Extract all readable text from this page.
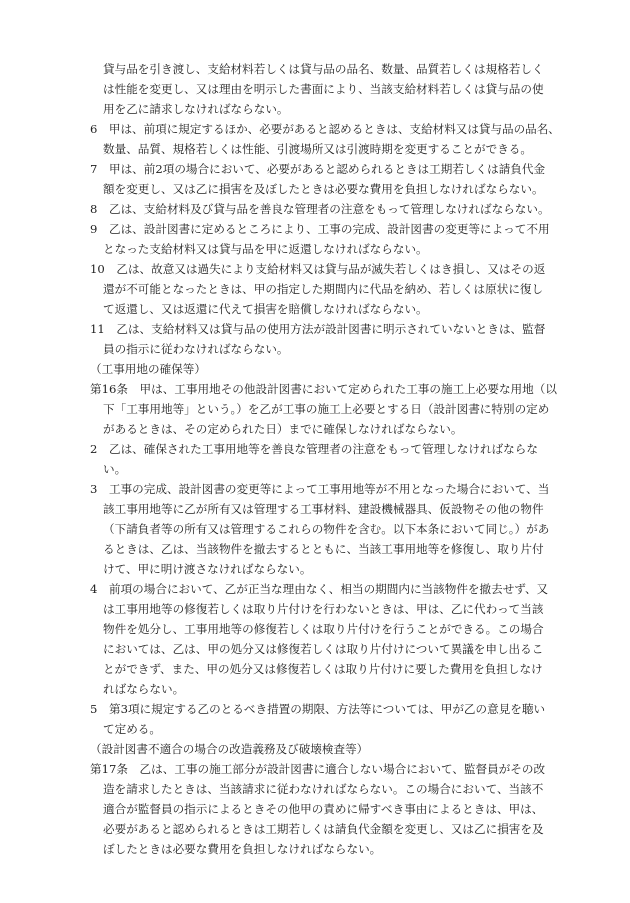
貸与品を引き渡し、支給材料若しくは貸与品の品名、数量、品質若しくは規格若しく
は性能を変更し、又は理由を明示した書面により、当該支給材料若しくは貸与品の使
用を乙に請求しなければならない。
6　甲は、前項に規定するほか、必要があると認めるときは、支給材料又は貸与品の品名、
数量、品質、規格若しくは性能、引渡場所又は引渡時期を変更することができる。
7　甲は、前2項の場合において、必要があると認められるときは工期若しくは請負代金
額を変更し、又は乙に損害を及ぼしたときは必要な費用を負担しなければならない。
8　乙は、支給材料及び貸与品を善良な管理者の注意をもって管理しなければならない。
9　乙は、設計図書に定めるところにより、工事の完成、設計図書の変更等によって不用
となった支給材料又は貸与品を甲に返還しなければならない。
10　乙は、故意又は過失により支給材料又は貸与品が滅失若しくはき損し、又はその返
還が不可能となったときは、甲の指定した期間内に代品を納め、若しくは原状に復し
て返還し、又は返還に代えて損害を賠償しなければならない。
11　乙は、支給材料又は貸与品の使用方法が設計図書に明示されていないときは、監督
員の指示に従わなければならない。
（工事用地の確保等）
第16条　甲は、工事用地その他設計図書において定められた工事の施工上必要な用地（以
下「工事用地等」という。）を乙が工事の施工上必要とする日（設計図書に特別の定め
があるときは、その定められた日）までに確保しなければならない。
2　乙は、確保された工事用地等を善良な管理者の注意をもって管理しなければならな
い。
3　工事の完成、設計図書の変更等によって工事用地等が不用となった場合において、当
該工事用地等に乙が所有又は管理する工事材料、建設機械器具、仮設物その他の物件
（下請負者等の所有又は管理するこれらの物件を含む。以下本条において同じ。）があ
るときは、乙は、当該物件を撤去するとともに、当該工事用地等を修復し、取り片付
けて、甲に明け渡さなければならない。
4　前項の場合において、乙が正当な理由なく、相当の期間内に当該物件を撤去せず、又
は工事用地等の修復若しくは取り片付けを行わないときは、甲は、乙に代わって当該
物件を処分し、工事用地等の修復若しくは取り片付けを行うことができる。この場合
においては、乙は、甲の処分又は修復若しくは取り片付けについて異議を申し出るこ
とができず、また、甲の処分又は修復若しくは取り片付けに要した費用を負担しなけ
ればならない。
5　第3項に規定する乙のとるべき措置の期限、方法等については、甲が乙の意見を聴い
て定める。
（設計図書不適合の場合の改造義務及び破壊検査等）
第17条　乙は、工事の施工部分が設計図書に適合しない場合において、監督員がその改
造を請求したときは、当該請求に従わなければならない。この場合において、当該不
適合が監督員の指示によるときその他甲の責めに帰すべき事由によるときは、甲は、
必要があると認められるときは工期若しくは請負代金額を変更し、又は乙に損害を及
ぼしたときは必要な費用を負担しなければならない。
